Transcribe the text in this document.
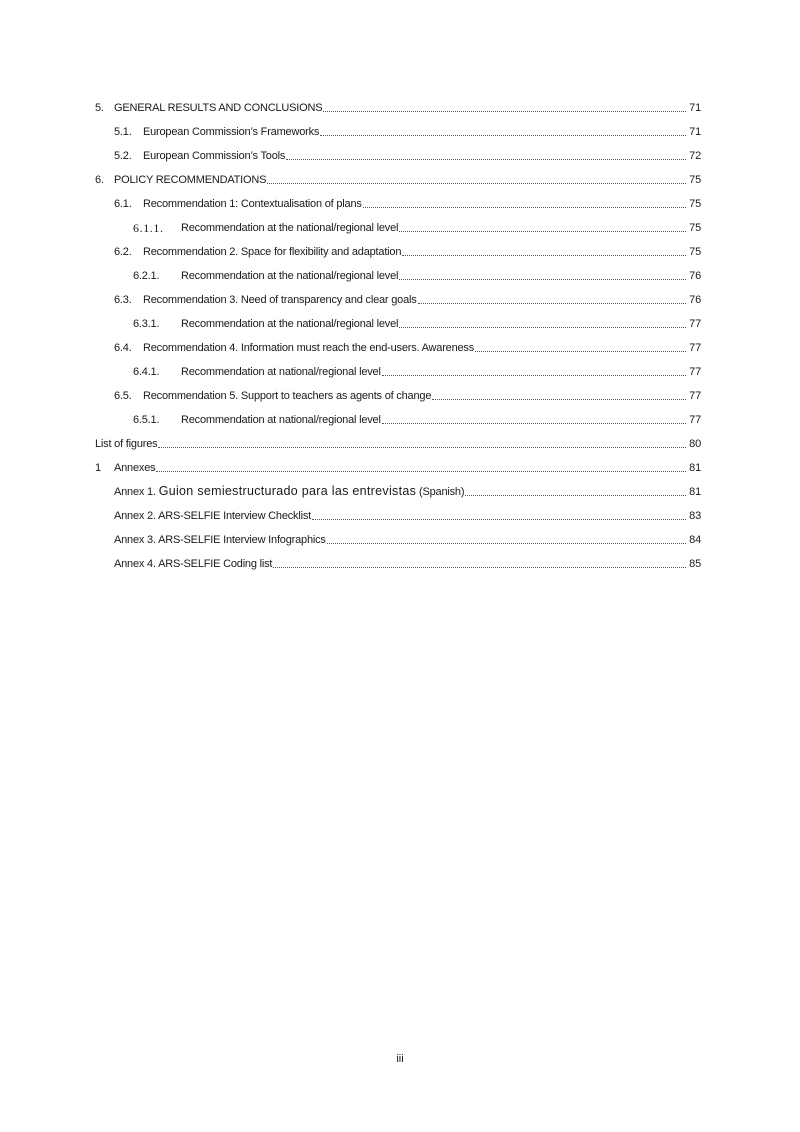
5. GENERAL RESULTS AND CONCLUSIONS	71
5.1.	European Commission’s Frameworks	71
5.2.	European Commission’s Tools	72
6. POLICY RECOMMENDATIONS	75
6.1.	Recommendation 1: Contextualisation of plans	75
6.1.1.	Recommendation at the national/regional level	75
6.2.	Recommendation 2. Space for flexibility and adaptation	75
6.2.1.	Recommendation at the national/regional level	76
6.3.	Recommendation 3. Need of transparency and clear goals	76
6.3.1.	Recommendation at the national/regional level	77
6.4.	Recommendation 4. Information must reach the end-users. Awareness	77
6.4.1.	Recommendation at national/regional level	77
6.5.	Recommendation 5. Support to teachers as agents of change	77
6.5.1.	Recommendation at national/regional level	77
List of figures	80
1	Annexes	81
Annex 1. Guion semiestructurado para las entrevistas (Spanish)	81
Annex 2. ARS-SELFIE Interview Checklist	83
Annex 3. ARS-SELFIE Interview Infographics	84
Annex 4. ARS-SELFIE Coding list	85
iii
